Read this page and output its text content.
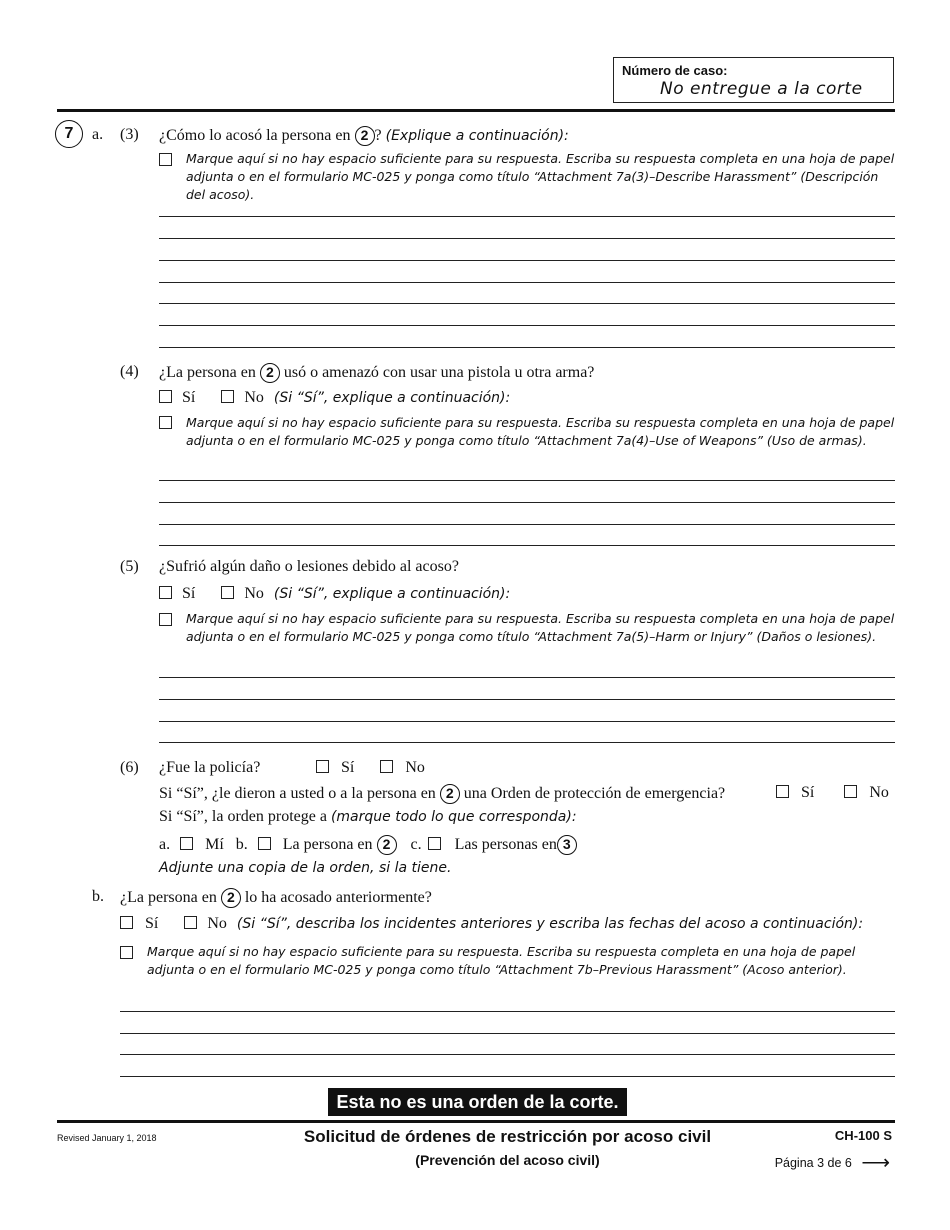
Número de caso:
No entregue a la corte
7	a. (3) ¿Cómo lo acosó la persona en 2 ? (Explique a continuación):
Marque aquí si no hay espacio suficiente para su respuesta. Escriba su respuesta completa en una hoja de papel
adjunta o en el formulario MC-025 y ponga como título “Attachment 7a(3)–Describe Harassment” (Descripción
del acoso).
(4) ¿La persona en 2 usó o amenazó con usar una pistola u otra arma?
Sí	No (Si “Sí”, explique a continuación):
Marque aquí si no hay espacio suficiente para su respuesta. Escriba su respuesta completa en una hoja de papel
adjunta o en el formulario MC-025 y ponga como título “Attachment 7a(4)–Use of Weapons” (Uso de armas).
(5) ¿Sufrió algún daño o lesiones debido al acoso?
Sí	No (Si “Sí”, explique a continuación):
Marque aquí si no hay espacio suficiente para su respuesta. Escriba su respuesta completa en una hoja de papel
adjunta o en el formulario MC-025 y ponga como título “Attachment 7a(5)–Harm or Injury” (Daños o lesiones).
(6) ¿Fue la policía?	Sí	No
Si “Sí”, ¿le dieron a usted o a la persona en 2 una Orden de protección de emergencia?	Sí	No
Si “Sí”, la orden protege a (marque todo lo que corresponda):
a. Mí b. La persona en 2 c. Las personas en 3
Adjunte una copia de la orden, si la tiene.
b. ¿La persona en 2 lo ha acosado anteriormente?
Sí	No (Si “Sí”, describa los incidentes anteriores y escriba las fechas del acoso a continuación):
Marque aquí si no hay espacio suficiente para su respuesta. Escriba su respuesta completa en una hoja de papel
adjunta o en el formulario MC-025 y ponga como título “Attachment 7b–Previous Harassment” (Acoso anterior).
Esta no es una orden de la corte.
Revised January 1, 2018	Solicitud de órdenes de restricción por acoso civil
(Prevención del acoso civil)
CH-100 S
Página 3 de 6 ⟶
